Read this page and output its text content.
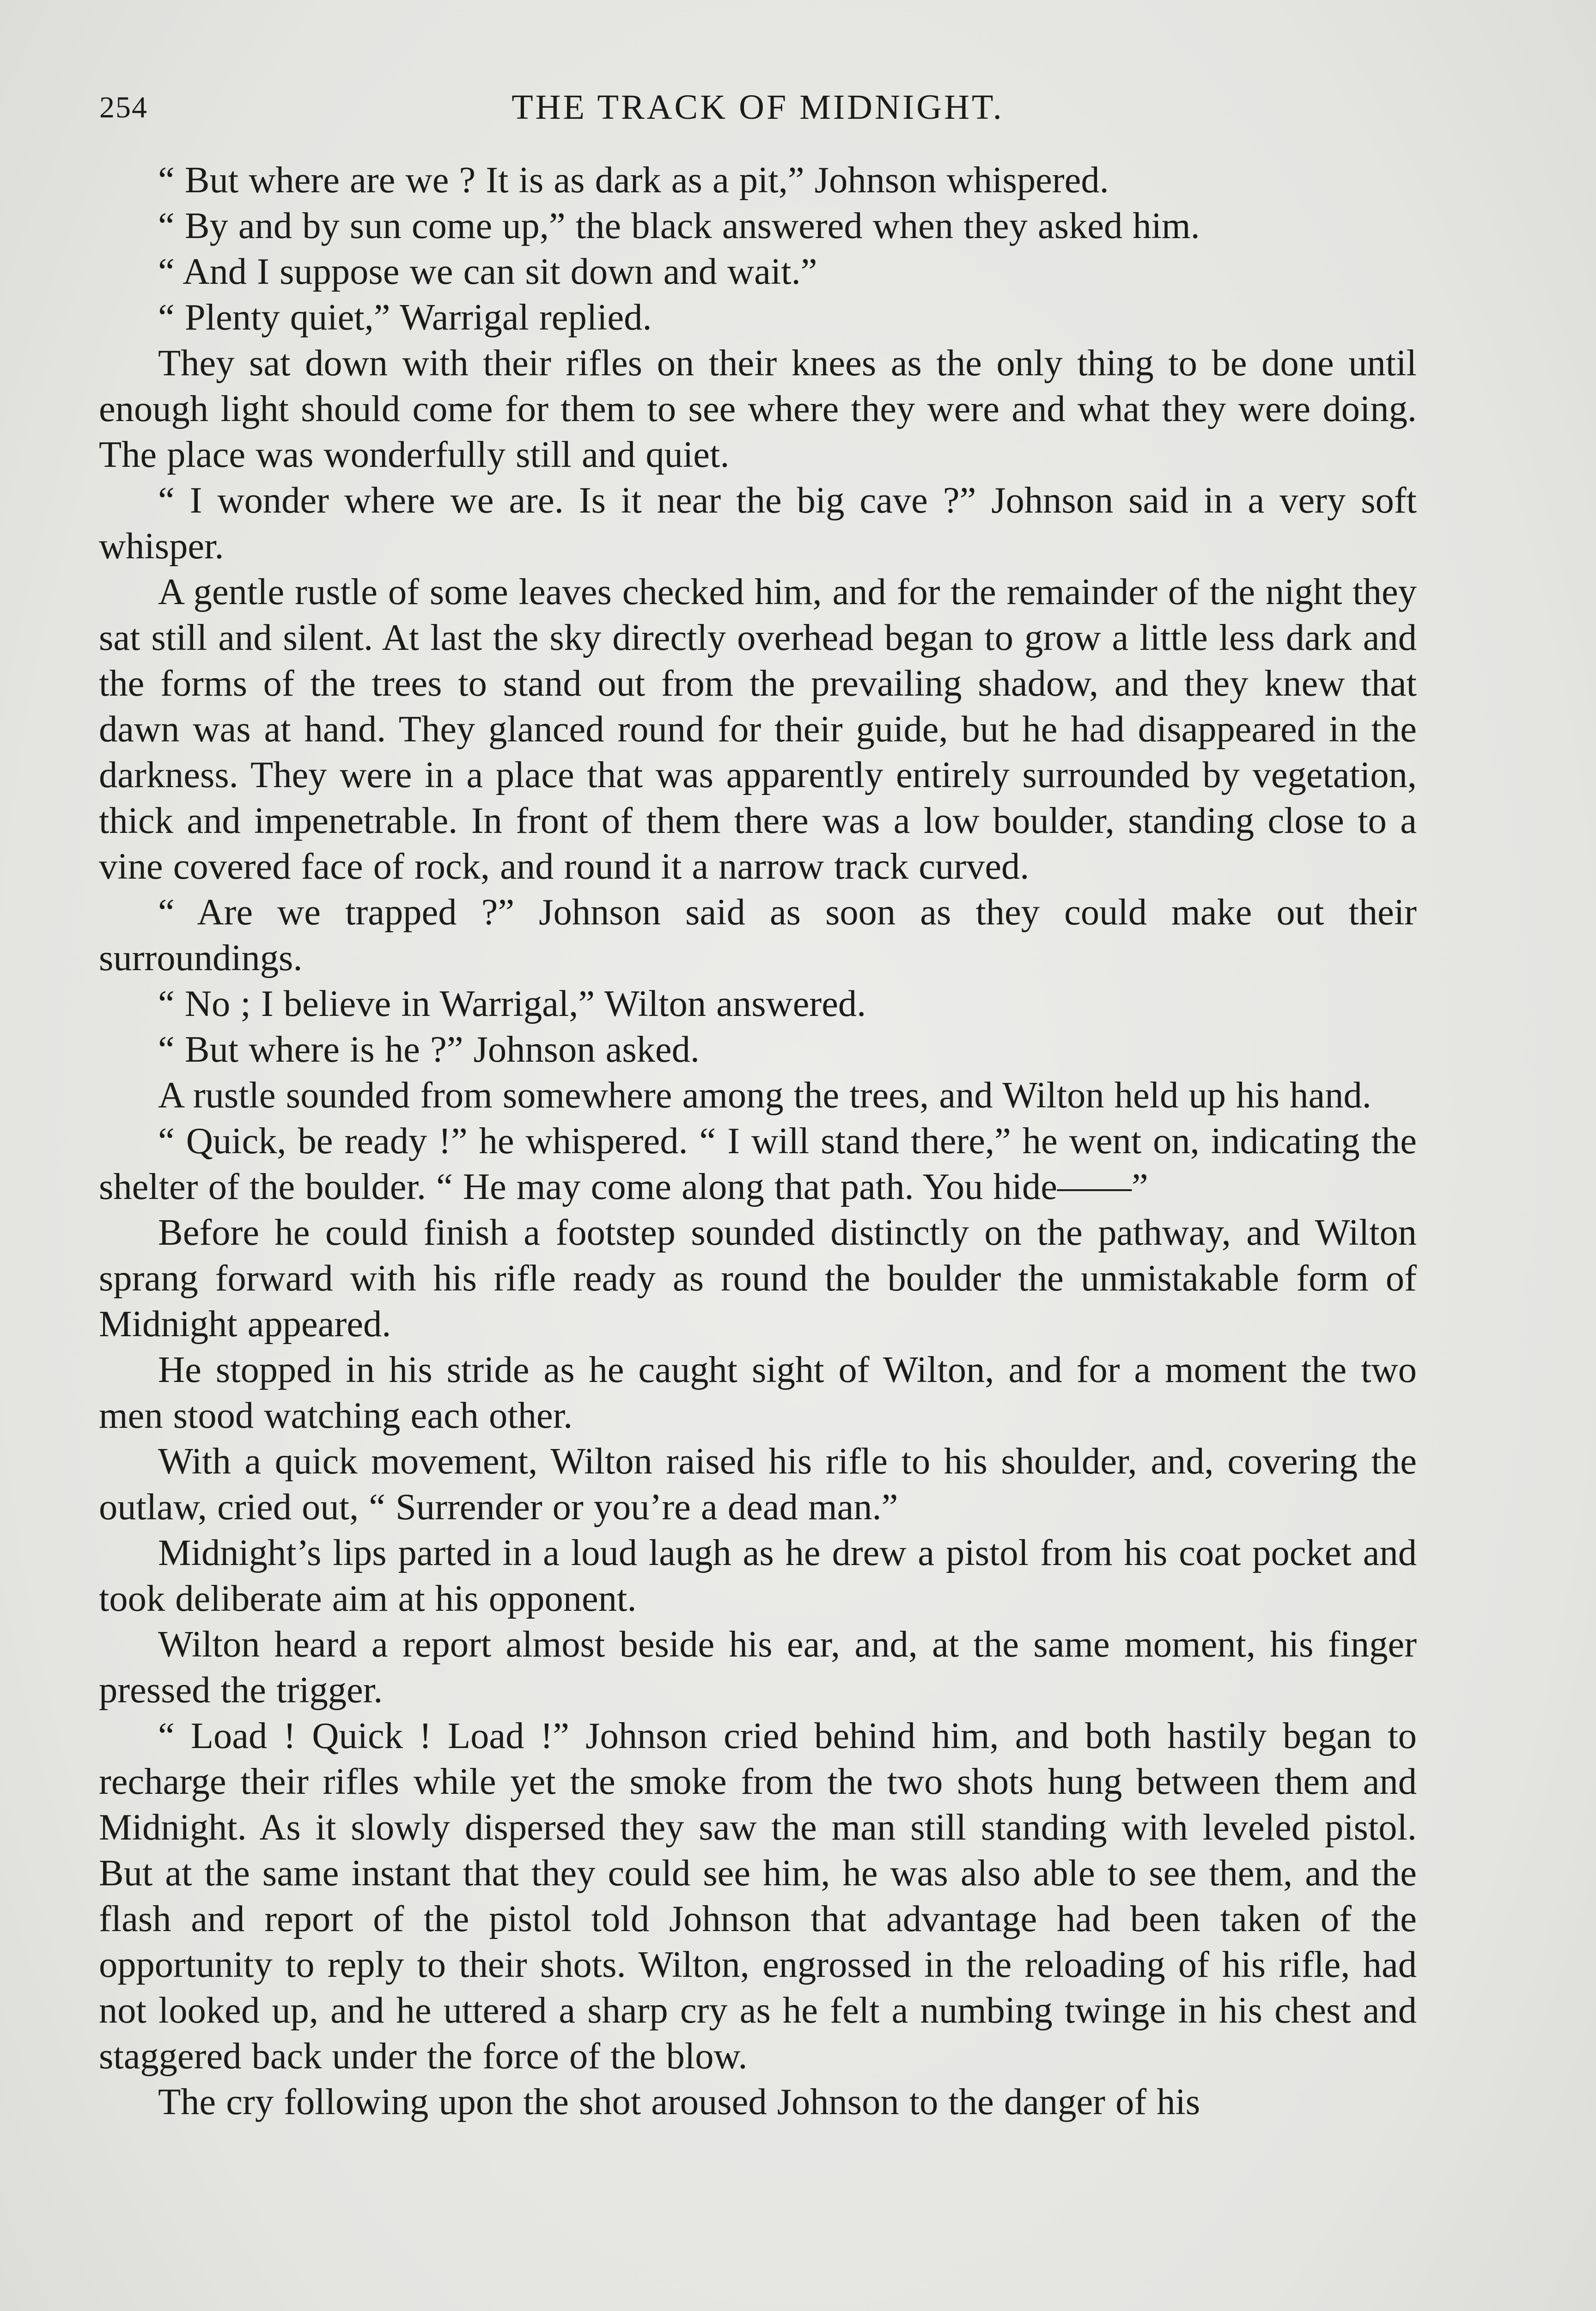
254	THE TRACK OF MIDNIGHT.

“ But where are we ? It is as dark as a pit,” Johnson whispered.

“ By and by sun come up,” the black answered when they asked him.

“ And I suppose we can sit down and wait.”

“ Plenty quiet,” Warrigal replied.

They sat down with their rifles on their knees as the only thing to be done until enough light should come for them to see where they were and what they were doing. The place was wonderfully still and quiet.

“ I wonder where we are. Is it near the big cave ?” Johnson said in a very soft whisper.

A gentle rustle of some leaves checked him, and for the remainder of the night they sat still and silent. At last the sky directly overhead began to grow a little less dark and the forms of the trees to stand out from the prevailing shadow, and they knew that dawn was at hand. They glanced round for their guide, but he had disappeared in the darkness. They were in a place that was apparently entirely surrounded by vegetation, thick and impenetrable. In front of them there was a low boulder, standing close to a vine covered face of rock, and round it a narrow track curved.

“ Are we trapped ?” Johnson said as soon as they could make out their surroundings.

“ No ; I believe in Warrigal,” Wilton answered.

“ But where is he ?” Johnson asked.

A rustle sounded from somewhere among the trees, and Wilton held up his hand.

“ Quick, be ready !” he whispered. “ I will stand there,” he went on, indicating the shelter of the boulder. “ He may come along that path. You hide——”

Before he could finish a footstep sounded distinctly on the pathway, and Wilton sprang forward with his rifle ready as round the boulder the unmistakable form of Midnight appeared.

He stopped in his stride as he caught sight of Wilton, and for a moment the two men stood watching each other.

With a quick movement, Wilton raised his rifle to his shoulder, and, covering the outlaw, cried out, “ Surrender or you’re a dead man.”

Midnight’s lips parted in a loud laugh as he drew a pistol from his coat pocket and took deliberate aim at his opponent.

Wilton heard a report almost beside his ear, and, at the same moment, his finger pressed the trigger.

“ Load ! Quick ! Load !” Johnson cried behind him, and both hastily began to recharge their rifles while yet the smoke from the two shots hung between them and Midnight. As it slowly dispersed they saw the man still standing with leveled pistol. But at the same instant that they could see him, he was also able to see them, and the flash and report of the pistol told Johnson that advantage had been taken of the opportunity to reply to their shots. Wilton, engrossed in the reloading of his rifle, had not looked up, and he uttered a sharp cry as he felt a numbing twinge in his chest and staggered back under the force of the blow.

The cry following upon the shot aroused Johnson to the danger of his
